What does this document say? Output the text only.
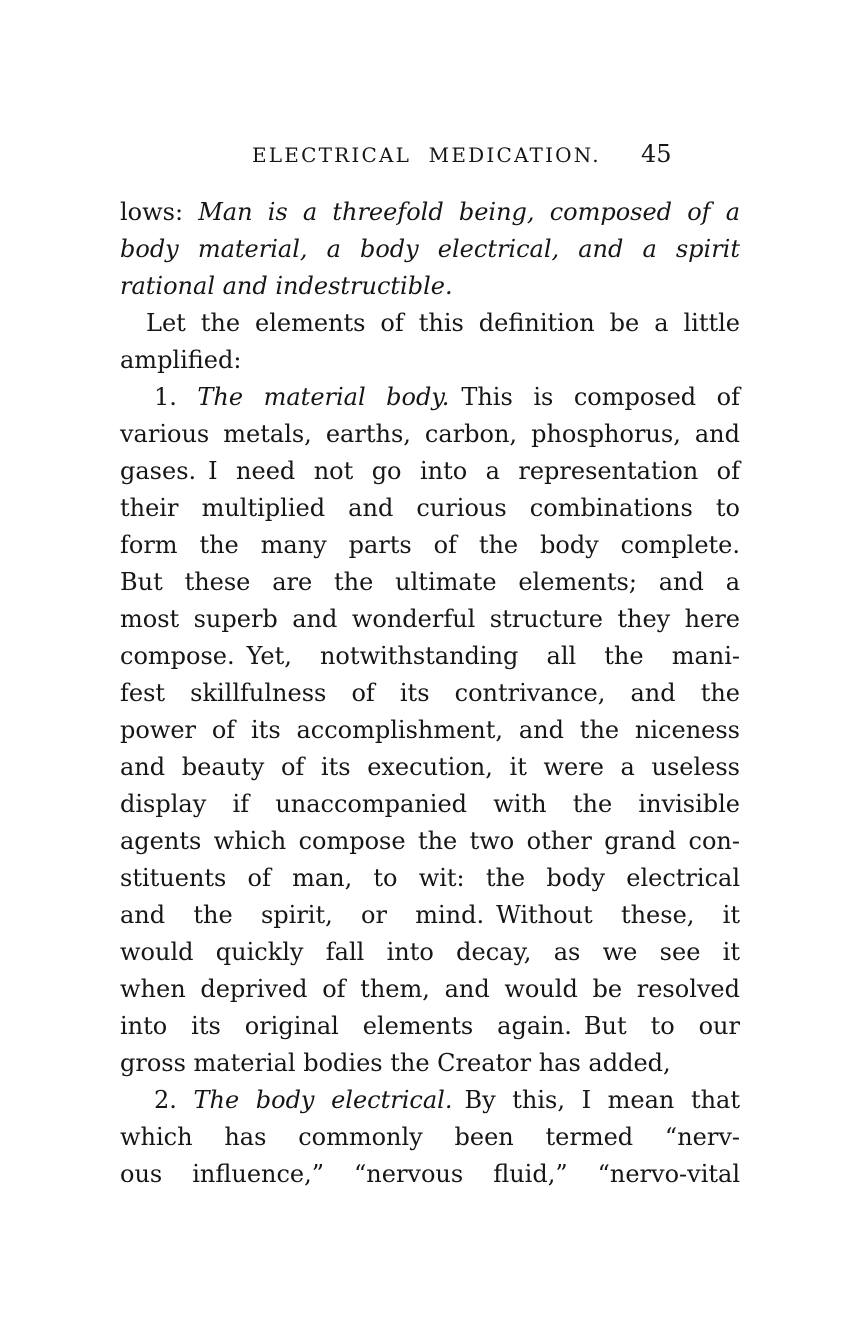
ELECTRICAL MEDICATION. 45
lows: Man is a threefold being, composed of a
body material, a body electrical, and a spirit
rational and indestructible.
Let the elements of this definition be a little
amplified:
1. The material body. This is composed of
various metals, earths, carbon, phosphorus, and
gases. I need not go into a representation of
their multiplied and curious combinations to
form the many parts of the body complete.
But these are the ultimate elements; and a
most superb and wonderful structure they here
compose. Yet, notwithstanding all the mani-
fest skillfulness of its contrivance, and the
power of its accomplishment, and the niceness
and beauty of its execution, it were a useless
display if unaccompanied with the invisible
agents which compose the two other grand con-
stituents of man, to wit: the body electrical
and the spirit, or mind. Without these, it
would quickly fall into decay, as we see it
when deprived of them, and would be resolved
into its original elements again. But to our
gross material bodies the Creator has added,
2. The body electrical. By this, I mean that
which has commonly been termed “nerv-
ous influence,” “nervous fluid,” “nervo-vital
